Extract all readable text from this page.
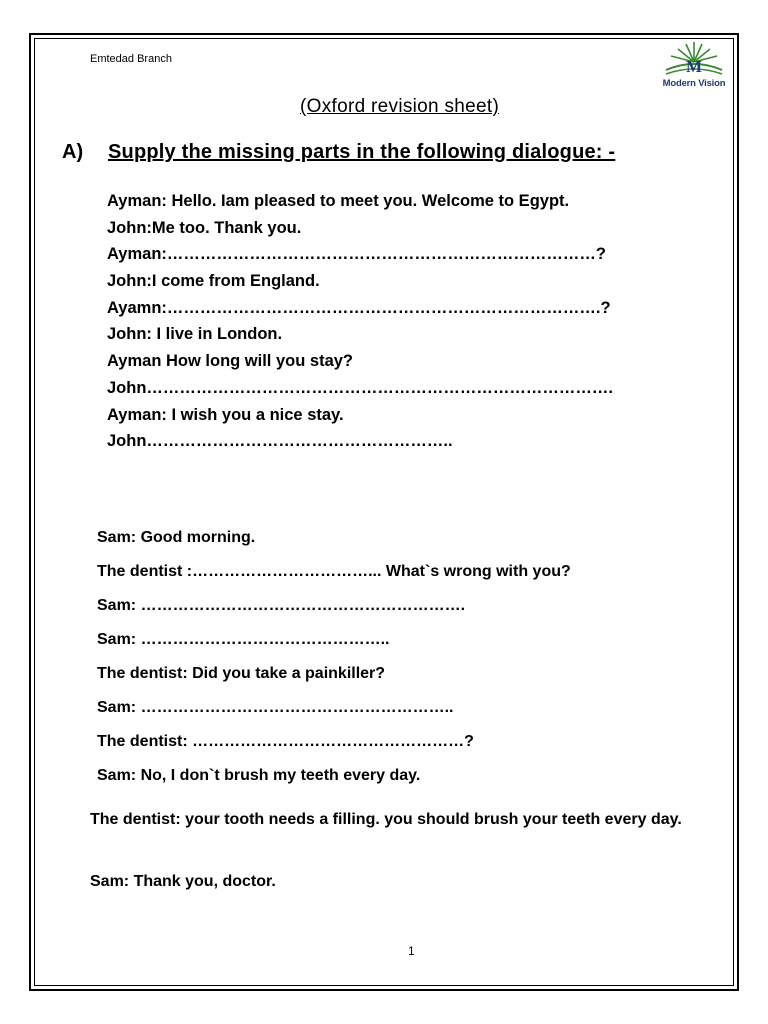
Emtedad Branch	M
Modern Vision
(Oxford revision sheet)
A) Supply the missing parts in the following dialogue: -
Ayman: Hello. Iam pleased to meet you. Welcome to Egypt.
John:Me too. Thank you.
Ayman:……………………………………………………………………?
John:I come from England.
Ayamn:…………………………………………………………………….?
John: I live in London.
Ayman How long will you stay?
John………………………………………………………………………….
Ayman: I wish you a nice stay.
John………………………………………………..
Sam: Good morning.
The dentist :……………………………... What`s wrong with you?
Sam: …………………………………………………….
Sam: ………………………………………..
The dentist: Did you take a painkiller?
Sam: …………………………………………………..
The dentist: ……………………………………………?
Sam: No, I don`t brush my teeth every day.
The dentist: your tooth needs a filling. you should brush your teeth every day.
Sam: Thank you, doctor.
1
